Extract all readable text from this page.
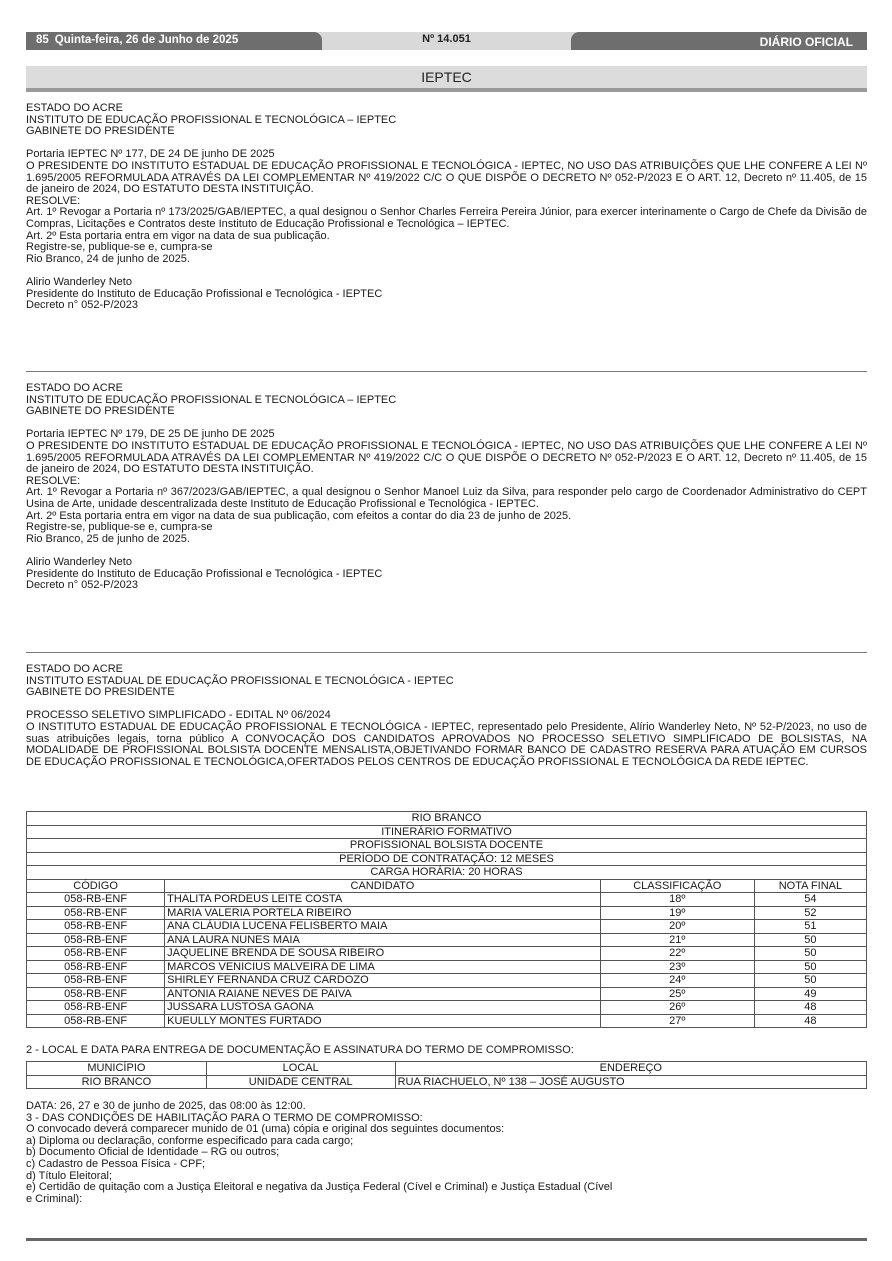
85 Quinta-feira, 26 de Junho de 2025	Nº 14.051	DIÁRIO OFICIAL
IEPTEC

ESTADO DO ACRE

INSTITUTO DE EDUCAÇÃO PROFISSIONAL E TECNOLÓGICA – IEPTEC

GABINETE DO PRESIDENTE

Portaria IEPTEC Nº 177, DE 24 DE junho DE 2025

O PRESIDENTE DO INSTITUTO ESTADUAL DE EDUCAÇÃO PROFISSIONAL E TECNOLÓGICA - IEPTEC, NO USO DAS ATRIBUIÇÕES QUE LHE CONFERE A LEI Nº 1.695/2005 REFORMULADA ATRAVÉS DA LEI COMPLEMENTAR Nº 419/2022 C/C O QUE DISPÕE O DECRETO Nº 052-P/2023 E O ART. 12, Decreto nº 11.405, de 15 de janeiro de 2024, DO ESTATUTO DESTA INSTITUIÇÃO.

RESOLVE:

Art. 1º Revogar a Portaria nº 173/2025/GAB/IEPTEC, a qual designou o Senhor Charles Ferreira Pereira Júnior, para exercer interinamente o Cargo de Chefe da Divisão de Compras, Licitações e Contratos deste Instituto de Educação Profissional e Tecnológica – IEPTEC.

Art. 2º Esta portaria entra em vigor na data de sua publicação.

Registre-se, publique-se e, cumpra-se

Rio Branco, 24 de junho de 2025.

Alirio Wanderley Neto

Presidente do Instituto de Educação Profissional e Tecnológica - IEPTEC

Decreto n° 052-P/2023

ESTADO DO ACRE

INSTITUTO DE EDUCAÇÃO PROFISSIONAL E TECNOLÓGICA – IEPTEC

GABINETE DO PRESIDENTE

Portaria IEPTEC Nº 179, DE 25 DE junho DE 2025

O PRESIDENTE DO INSTITUTO ESTADUAL DE EDUCAÇÃO PROFISSIONAL E TECNOLÓGICA - IEPTEC, NO USO DAS ATRIBUIÇÕES QUE LHE CONFERE A LEI Nº 1.695/2005 REFORMULADA ATRAVÉS DA LEI COMPLEMENTAR Nº 419/2022 C/C O QUE DISPÕE O DECRETO Nº 052-P/2023 E O ART. 12, Decreto nº 11.405, de 15 de janeiro de 2024, DO ESTATUTO DESTA INSTITUIÇÃO.

RESOLVE:

Art. 1º Revogar a Portaria nº 367/2023/GAB/IEPTEC, a qual designou o Senhor Manoel Luiz da Silva, para responder pelo cargo de Coordenador Administrativo do CEPT Usina de Arte, unidade descentralizada deste Instituto de Educação Profissional e Tecnológica - IEPTEC.

Art. 2º Esta portaria entra em vigor na data de sua publicação, com efeitos a contar do dia 23 de junho de 2025.

Registre-se, publique-se e, cumpra-se

Rio Branco, 25 de junho de 2025.

Alirio Wanderley Neto

Presidente do Instituto de Educação Profissional e Tecnológica - IEPTEC

Decreto n° 052-P/2023

ESTADO DO ACRE

INSTITUTO ESTADUAL DE EDUCAÇÃO PROFISSIONAL E TECNOLÓGICA - IEPTEC

GABINETE DO PRESIDENTE

PROCESSO SELETIVO SIMPLIFICADO - EDITAL Nº 06/2024

O INSTITUTO ESTADUAL DE EDUCAÇÃO PROFISSIONAL E TECNOLÓGICA - IEPTEC, representado pelo Presidente, Alírio Wanderley Neto, Nº 52-P/2023, no uso de suas atribuições legais, torna público A CONVOCAÇÃO DOS CANDIDATOS APROVADOS NO PROCESSO SELETIVO SIMPLIFICADO DE BOLSISTAS, NA MODALIDADE DE PROFISSIONAL BOLSISTA DOCENTE MENSALISTA,OBJETIVANDO FORMAR BANCO DE CADASTRO RESERVA PARA ATUAÇÃO EM CURSOS DE EDUCAÇÃO PROFISSIONAL E TECNOLÓGICA,OFERTADOS PELOS CENTROS DE EDUCAÇÃO PROFISSIONAL E TECNOLÓGICA DA REDE IEPTEC.

RIO BRANCO			
ITINERÁRIO FORMATIVO			
PROFISSIONAL BOLSISTA DOCENTE			
PERÍODO DE CONTRATAÇÃO: 12 MESES			
CARGA HORÁRIA: 20 HORAS			
CÓDIGO	CANDIDATO	CLASSIFICAÇÃO	NOTA FINAL
058-RB-ENF	THALITA PORDEUS LEITE COSTA	18º	54
058-RB-ENF	MARIA VALERIA PORTELA RIBEIRO	19º	52
058-RB-ENF	ANA CLÁUDIA LUCENA FELISBERTO MAIA	20º	51
058-RB-ENF	ANA LAURA NUNES MAIA	21º	50
058-RB-ENF	JAQUELINE BRENDA DE SOUSA RIBEIRO	22º	50
058-RB-ENF	MARCOS VENICIUS MALVEIRA DE LIMA	23º	50
058-RB-ENF	SHIRLEY FERNANDA CRUZ CARDOZO	24º	50
058-RB-ENF	ANTONIA RAIANE NEVES DE PAIVA	25º	49
058-RB-ENF	JUSSARA LUSTOSA GAONA	26º	48
058-RB-ENF	KUEULLY MONTES FURTADO	27º	48

2 - LOCAL E DATA PARA ENTREGA DE DOCUMENTAÇÃO E ASSINATURA DO TERMO DE COMPROMISSO:

MUNICÍPIO	LOCAL	ENDEREÇO
RIO BRANCO	UNIDADE CENTRAL	RUA RIACHUELO, Nº 138 – JOSÉ AUGUSTO

DATA: 26, 27 e 30 de junho de 2025, das 08:00 às 12:00.

3 - DAS CONDIÇÕES DE HABILITAÇÃO PARA O TERMO DE COMPROMISSO:

O convocado deverá comparecer munido de 01 (uma) cópia e original dos seguintes documentos:

a) Diploma ou declaração, conforme especificado para cada cargo;

b) Documento Oficial de Identidade – RG ou outros;

c) Cadastro de Pessoa Física - CPF;

d) Título Eleitoral;

e) Certidão de quitação com a Justiça Eleitoral e negativa da Justiça Federal (Cível e Criminal) e Justiça Estadual (Cível

e Criminal):
